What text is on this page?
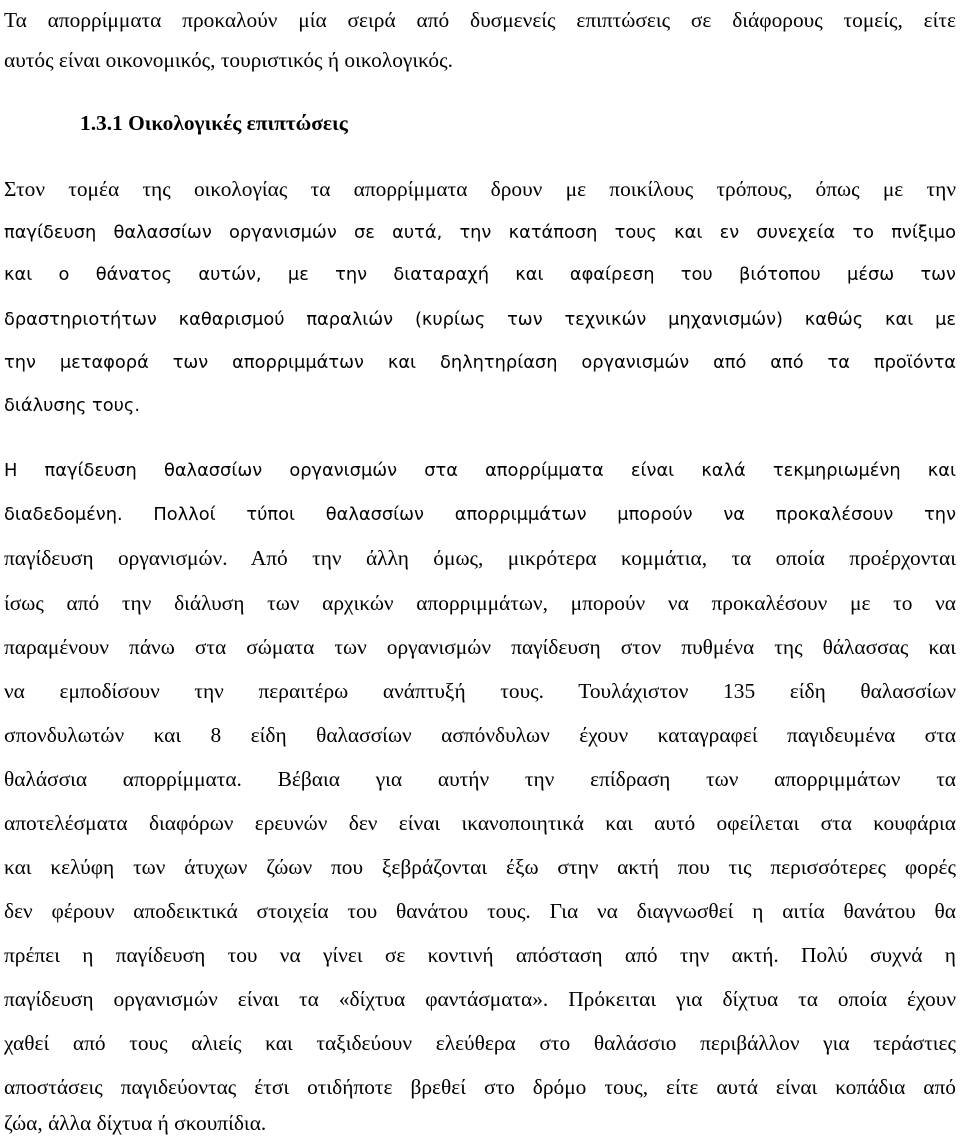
Τα απορρίμματα προκαλούν μία σειρά από δυσμενείς επιπτώσεις σε διάφορους τομείς, είτε
αυτός είναι οικονομικός, τουριστικός ή οικολογικός.
1.3.1 Οικολογικές επιπτώσεις
Στον τομέα της οικολογίας τα απορρίμματα δρουν με ποικίλους τρόπους, όπως με την
παγίδευση θαλασσίων οργανισμών σε αυτά, την κατάποση τους και εν συνεχεία το πνίξιμο
και ο θάνατος αυτών, με την διαταραχή και αφαίρεση του βιότοπου μέσω των
δραστηριοτήτων καθαρισμού παραλιών (κυρίως των τεχνικών μηχανισμών) καθώς και με
την μεταφορά των απορριμμάτων και δηλητηρίαση οργανισμών από από τα προϊόντα
διάλυσης τους.
Η παγίδευση θαλασσίων οργανισμών στα απορρίμματα είναι καλά τεκμηριωμένη και
διαδεδομένη. Πολλοί τύποι θαλασσίων απορριμμάτων μπορούν να προκαλέσουν την
παγίδευση οργανισμών. Από την άλλη όμως, μικρότερα κομμάτια, τα οποία προέρχονται
ίσως από την διάλυση των αρχικών απορριμμάτων, μπορούν να προκαλέσουν με το να
παραμένουν πάνω στα σώματα των οργανισμών παγίδευση στον πυθμένα της θάλασσας και
να εμποδίσουν την περαιτέρω ανάπτυξή τους. Τουλάχιστον 135 είδη θαλασσίων
σπονδυλωτών και 8 είδη θαλασσίων ασπόνδυλων έχουν καταγραφεί παγιδευμένα στα
θαλάσσια απορρίμματα. Βέβαια για αυτήν την επίδραση των απορριμμάτων τα
αποτελέσματα διαφόρων ερευνών δεν είναι ικανοποιητικά και αυτό οφείλεται στα κουφάρια
και κελύφη των άτυχων ζώων που ξεβράζονται έξω στην ακτή που τις περισσότερες φορές
δεν φέρουν αποδεικτικά στοιχεία του θανάτου τους. Για να διαγνωσθεί η αιτία θανάτου θα
πρέπει η παγίδευση του να γίνει σε κοντινή απόσταση από την ακτή. Πολύ συχνά η
παγίδευση οργανισμών είναι τα «δίχτυα φαντάσματα». Πρόκειται για δίχτυα τα οποία έχουν
χαθεί από τους αλιείς και ταξιδεύουν ελεύθερα στο θαλάσσιο περιβάλλον για τεράστιες
αποστάσεις παγιδεύοντας έτσι οτιδήποτε βρεθεί στο δρόμο τους, είτε αυτά είναι κοπάδια από
ζώα, άλλα δίχτυα ή σκουπίδια.
